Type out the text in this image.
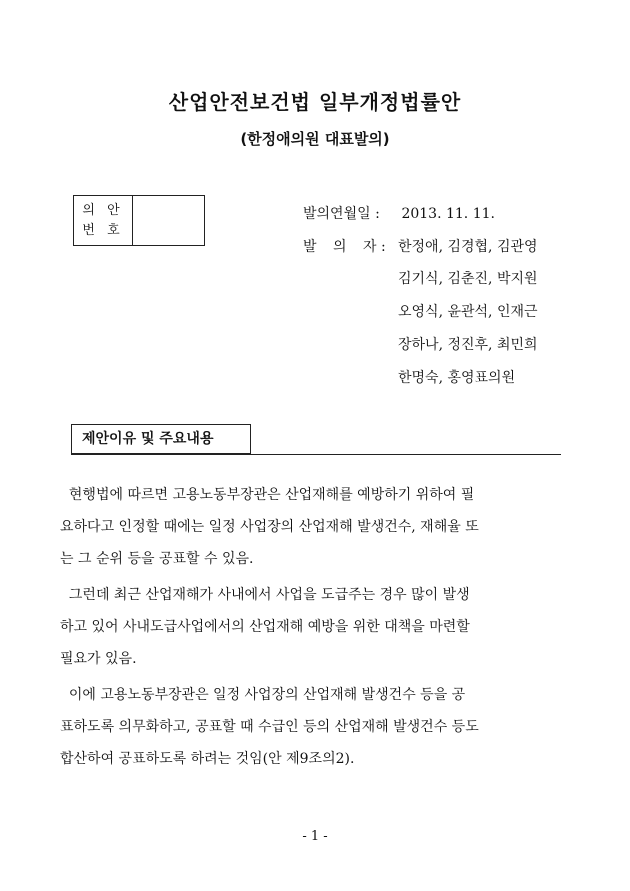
산업안전보건법 일부개정법률안
(한정애의원 대표발의)
의 안
번 호
발의연월일 : 2013. 11. 11.
발 의 자 : 한정애, 김경협, 김관영
김기식, 김춘진, 박지원
오영식, 윤관석, 인재근
장하나, 정진후, 최민희
한명숙, 홍영표의원
제안이유 및 주요내용
현행법에 따르면 고용노동부장관은 산업재해를 예방하기 위하여 필
요하다고 인정할 때에는 일정 사업장의 산업재해 발생건수, 재해율 또
는 그 순위 등을 공표할 수 있음.
그런데 최근 산업재해가 사내에서 사업을 도급주는 경우 많이 발생
하고 있어 사내도급사업에서의 산업재해 예방을 위한 대책을 마련할
필요가 있음.
이에 고용노동부장관은 일정 사업장의 산업재해 발생건수 등을 공
표하도록 의무화하고, 공표할 때 수급인 등의 산업재해 발생건수 등도
합산하여 공표하도록 하려는 것임(안 제9조의2).
- 1 -
